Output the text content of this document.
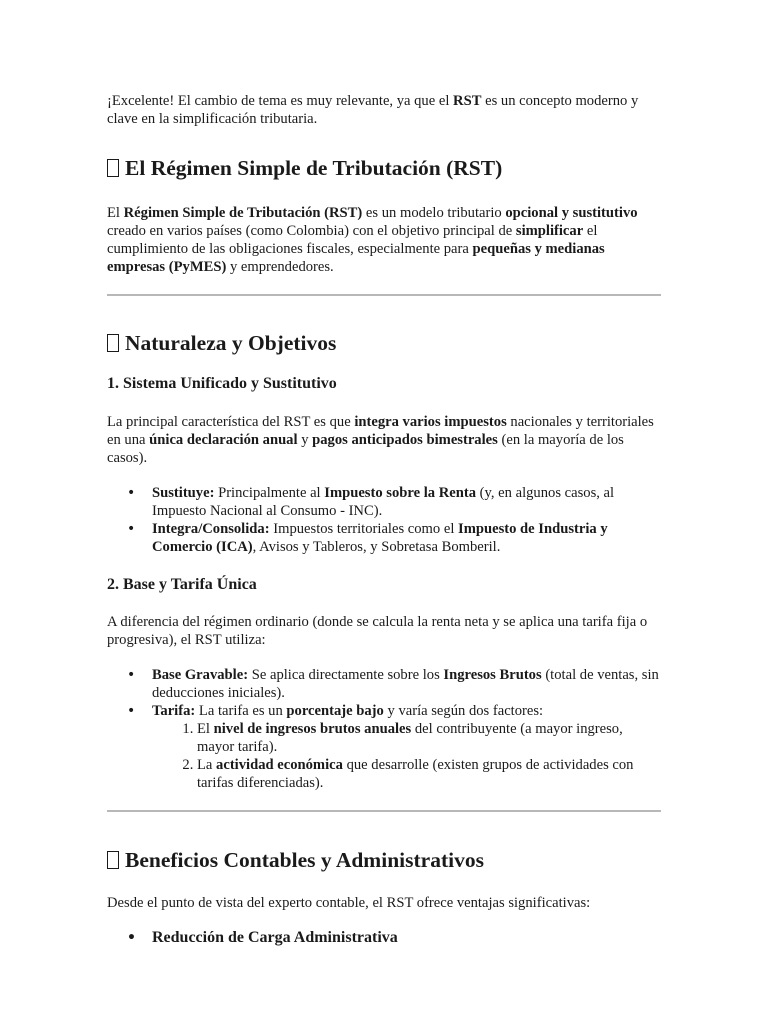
¡Excelente! El cambio de tema es muy relevante, ya que el RST es un concepto moderno y clave en la simplificación tributaria.

El Régimen Simple de Tributación (RST)

El Régimen Simple de Tributación (RST) es un modelo tributario opcional y sustitutivo creado en varios países (como Colombia) con el objetivo principal de simplificar el cumplimiento de las obligaciones fiscales, especialmente para pequeñas y medianas empresas (PyMES) y emprendedores.

Naturaleza y Objetivos
1. Sistema Unificado y Sustitutivo

La principal característica del RST es que integra varios impuestos nacionales y territoriales en una única declaración anual y pagos anticipados bimestrales (en la mayoría de los casos).

• Sustituye: Principalmente al Impuesto sobre la Renta (y, en algunos casos, al Impuesto Nacional al Consumo - INC).
• Integra/Consolida: Impuestos territoriales como el Impuesto de Industria y Comercio (ICA), Avisos y Tableros, y Sobretasa Bomberil.
2. Base y Tarifa Única

A diferencia del régimen ordinario (donde se calcula la renta neta y se aplica una tarifa fija o progresiva), el RST utiliza:

• Base Gravable: Se aplica directamente sobre los Ingresos Brutos (total de ventas, sin deducciones iniciales).
• Tarifa: La tarifa es un porcentaje bajo y varía según dos factores:
1. El nivel de ingresos brutos anuales del contribuyente (a mayor ingreso, mayor tarifa).
2. La actividad económica que desarrolle (existen grupos de actividades con tarifas diferenciadas).
Beneficios Contables y Administrativos

Desde el punto de vista del experto contable, el RST ofrece ventajas significativas:

• Reducción de Carga Administrativa
